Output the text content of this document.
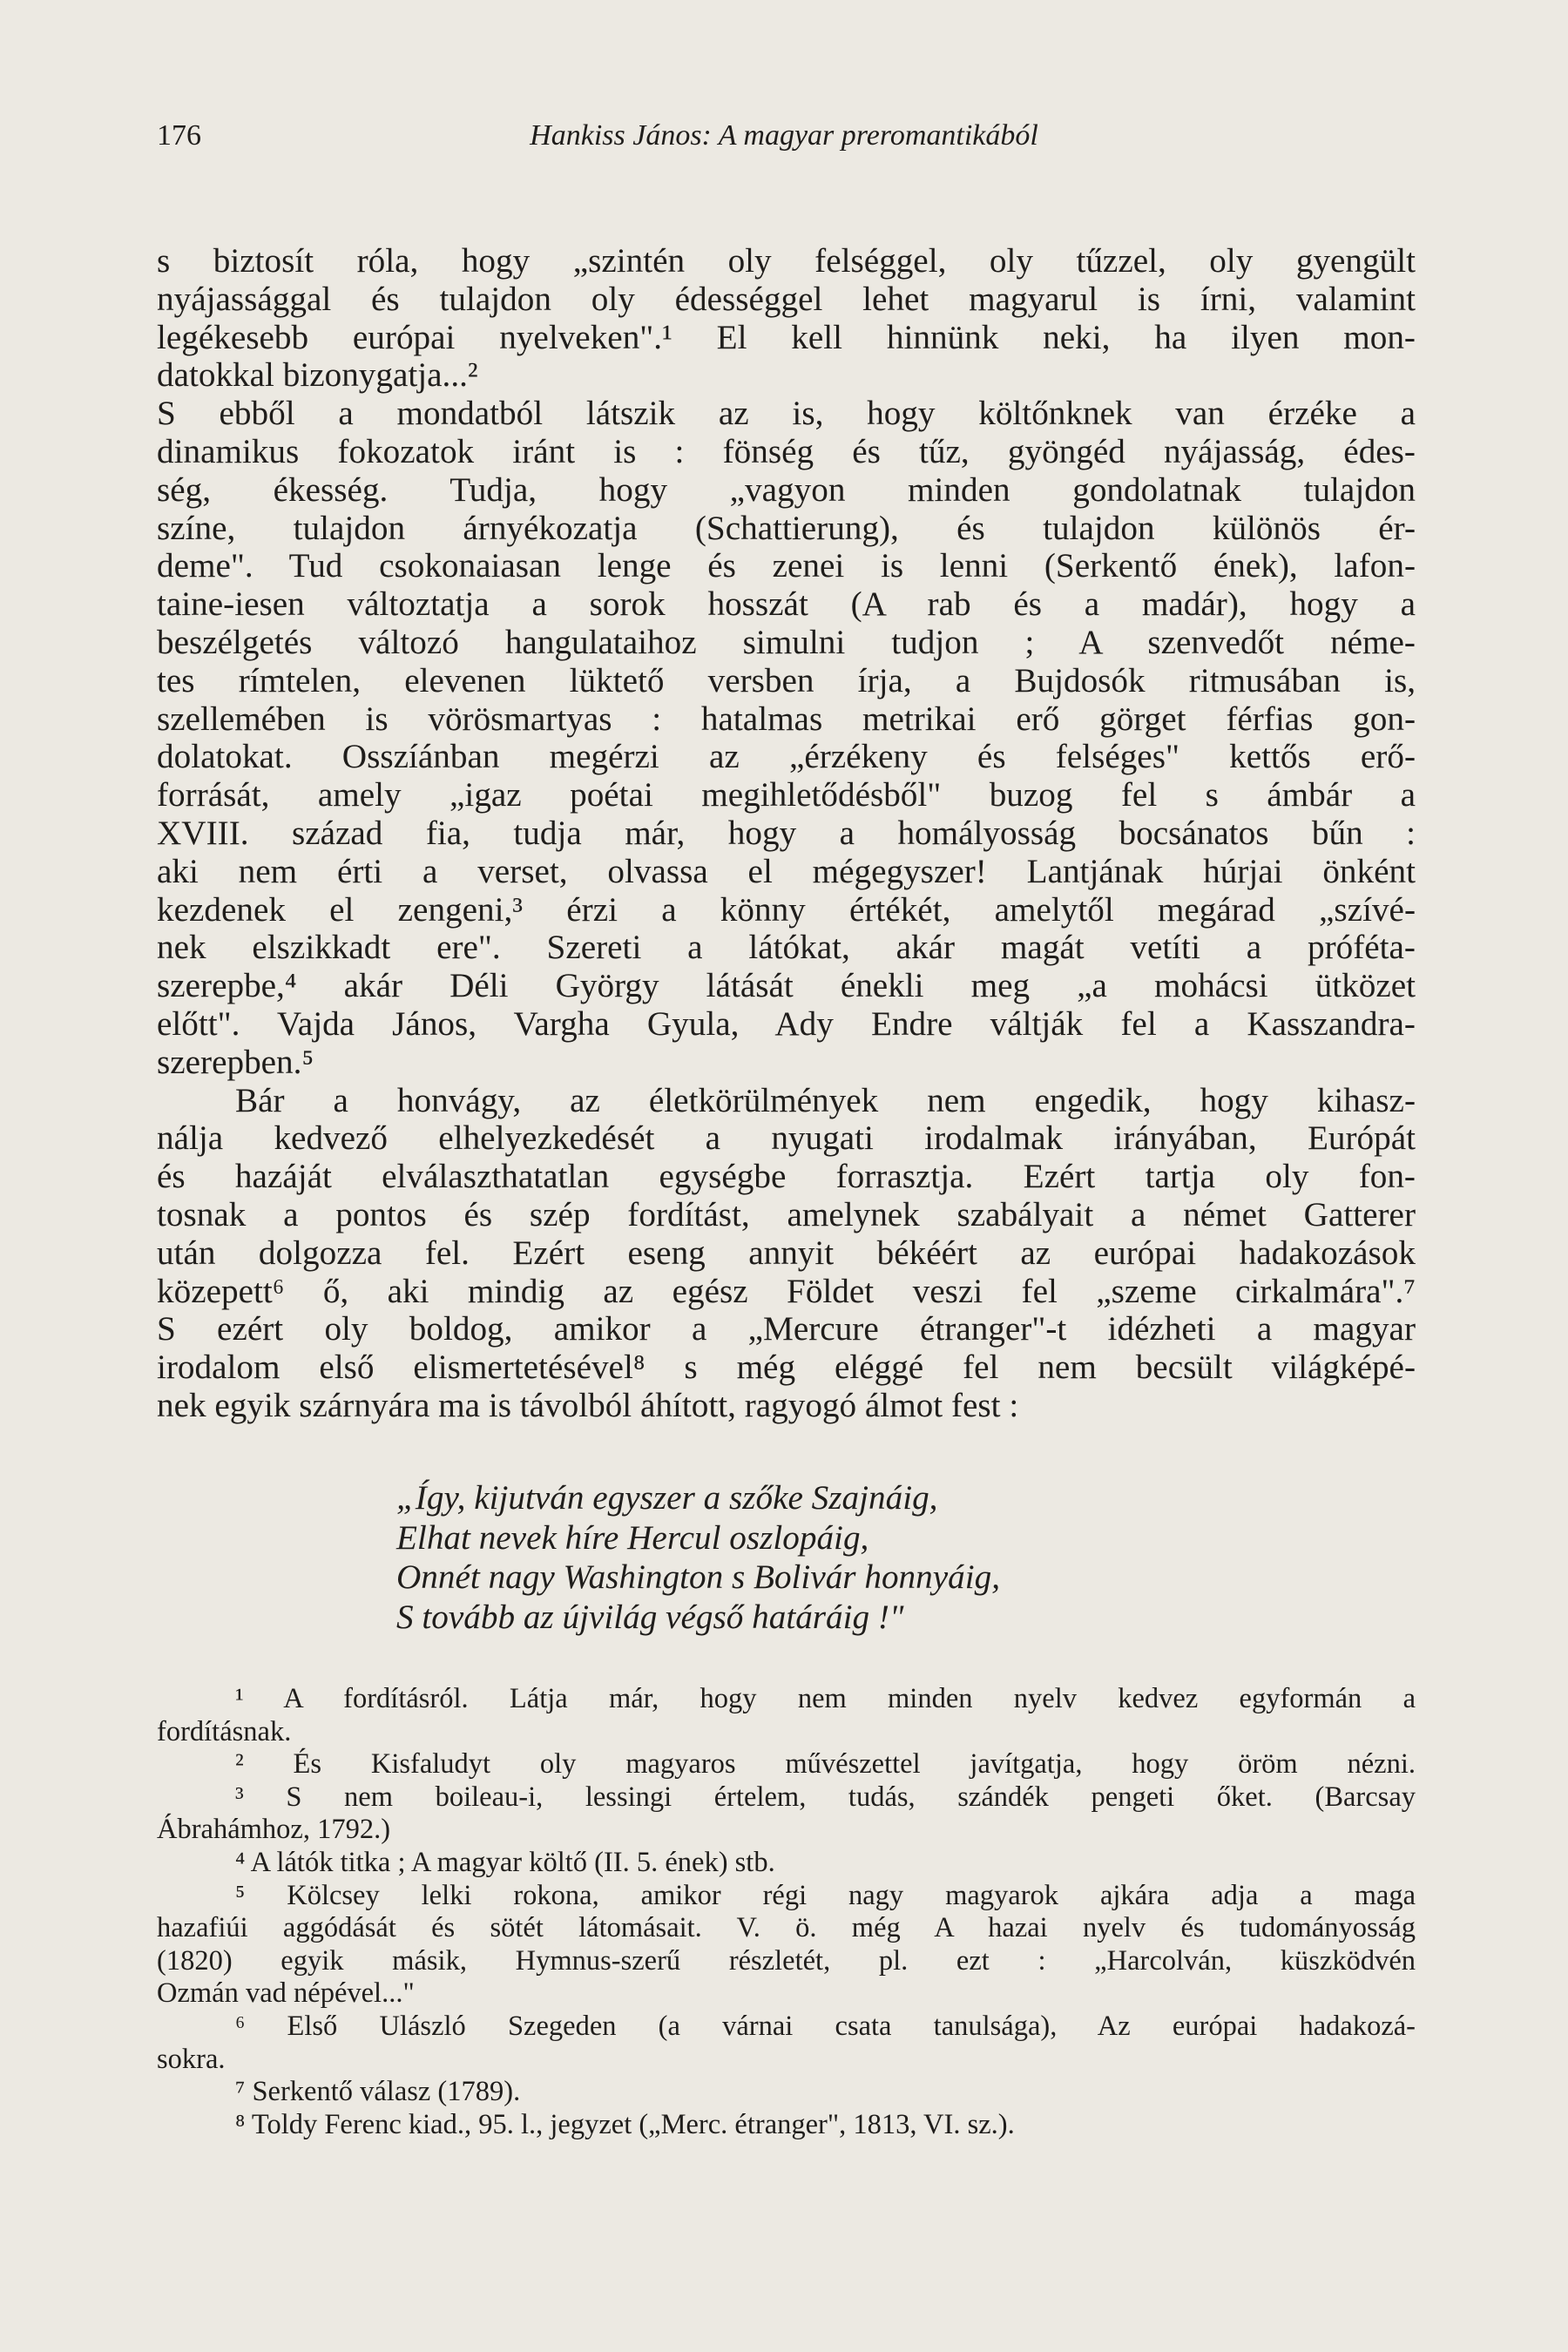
176	Hankiss János: A magyar preromantikából
s biztosít róla, hogy „szintén oly felséggel, oly tűzzel, oly gyengült
nyájassággal és tulajdon oly édességgel lehet magyarul is írni, valamint
legékesebb európai nyelveken".¹ El kell hinnünk neki, ha ilyen mon-
datokkal bizonygatja...²
S ebből a mondatból látszik az is, hogy költőnknek van érzéke a
dinamikus fokozatok iránt is : fönség és tűz, gyöngéd nyájasság, édes-
ség, ékesség. Tudja, hogy „vagyon minden gondolatnak tulajdon
színe, tulajdon árnyékozatja (Schattierung), és tulajdon különös ér-
deme". Tud csokonaiasan lenge és zenei is lenni (Serkentő ének), lafon-
taine-iesen változtatja a sorok hosszát (A rab és a madár), hogy a
beszélgetés változó hangulataihoz simulni tudjon ; A szenvedőt néme-
tes rímtelen, elevenen lüktető versben írja, a Bujdosók ritmusában is,
szellemében is vörösmartyas : hatalmas metrikai erő görget férfias gon-
dolatokat. Osszíánban megérzi az „érzékeny és felséges" kettős erő-
forrását, amely „igaz poétai megihletődésből" buzog fel s ámbár a
XVIII. század fia, tudja már, hogy a homályosság bocsánatos bűn :
aki nem érti a verset, olvassa el mégegyszer! Lantjának húrjai önként
kezdenek el zengeni,³ érzi a könny értékét, amelytől megárad „szívé-
nek elszikkadt ere". Szereti a látókat, akár magát vetíti a próféta-
szerepbe,⁴ akár Déli György látását énekli meg „a mohácsi ütközet
előtt". Vajda János, Vargha Gyula, Ady Endre váltják fel a Kasszandra-
szerepben.⁵
Bár a honvágy, az életkörülmények nem engedik, hogy kihasz-
nálja kedvező elhelyezkedését a nyugati irodalmak irányában, Európát
és hazáját elválaszthatatlan egységbe forrasztja. Ezért tartja oly fon-
tosnak a pontos és szép fordítást, amelynek szabályait a német Gatterer
után dolgozza fel. Ezért eseng annyit békéért az európai hadakozások
közepett⁶ ő, aki mindig az egész Földet veszi fel „szeme cirkalmára".⁷
S ezért oly boldog, amikor a „Mercure étranger"-t idézheti a magyar
irodalom első elismertetésével⁸ s még eléggé fel nem becsült világképé-
nek egyik szárnyára ma is távolból áhított, ragyogó álmot fest :
„Így, kijutván egyszer a szőke Szajnáig,
Elhat nevek híre Hercul oszlopáig,
Onnét nagy Washington s Bolivár honnyáig,
S tovább az újvilág végső határáig !"
¹ A fordításról. Látja már, hogy nem minden nyelv kedvez egyformán a
fordításnak.
² És Kisfaludyt oly magyaros művészettel javítgatja, hogy öröm nézni.
³ S nem boileau-i, lessingi értelem, tudás, szándék pengeti őket. (Barcsay
Ábrahámhoz, 1792.)
⁴ A látók titka ; A magyar költő (II. 5. ének) stb.
⁵ Kölcsey lelki rokona, amikor régi nagy magyarok ajkára adja a maga
hazafiúi aggódását és sötét látomásait. V. ö. még A hazai nyelv és tudományosság
(1820) egyik másik, Hymnus-szerű részletét, pl. ezt : „Harcolván, küszködvén
Ozmán vad népével..."
⁶ Első Ulászló Szegeden (a várnai csata tanulsága), Az európai hadakozá-
sokra.
⁷ Serkentő válasz (1789).
⁸ Toldy Ferenc kiad., 95. l., jegyzet („Merc. étranger", 1813, VI. sz.).
